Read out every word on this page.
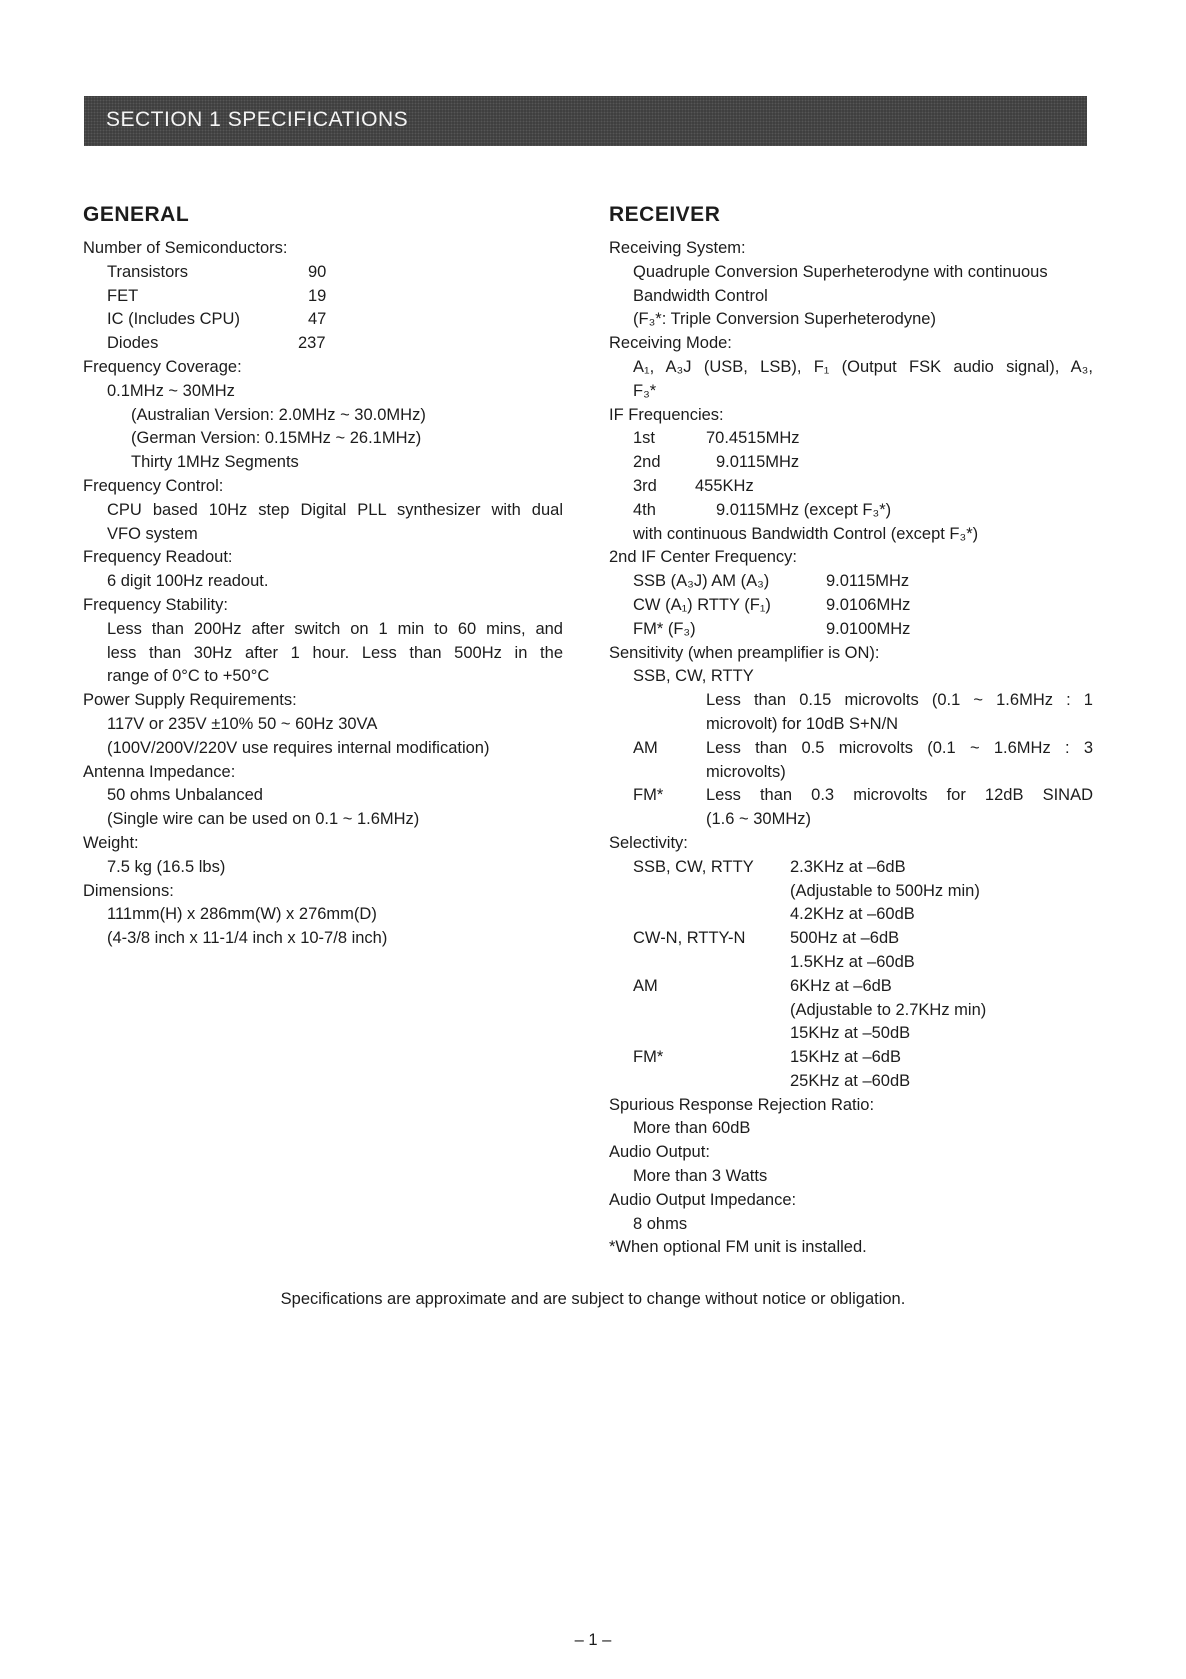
SECTION 1 SPECIFICATIONS
GENERAL
Number of Semiconductors:
Transistors	90
FET	19
IC (Includes CPU)	47
Diodes	237
Frequency Coverage:
0.1MHz ~ 30MHz
(Australian Version: 2.0MHz ~ 30.0MHz)
(German Version: 0.15MHz ~ 26.1MHz)
Thirty 1MHz Segments
Frequency Control:
CPU based 10Hz step Digital PLL synthesizer with dual
VFO system
Frequency Readout:
6 digit 100Hz readout.
Frequency Stability:
Less than 200Hz after switch on 1 min to 60 mins, and
less than 30Hz after 1 hour. Less than 500Hz in the
range of 0°C to +50°C
Power Supply Requirements:
117V or 235V ±10% 50 ~ 60Hz 30VA
(100V/200V/220V use requires internal modification)
Antenna Impedance:
50 ohms Unbalanced
(Single wire can be used on 0.1 ~ 1.6MHz)
Weight:
7.5 kg (16.5 lbs)
Dimensions:
111mm(H) x 286mm(W) x 276mm(D)
(4-3/8 inch x 11-1/4 inch x 10-7/8 inch)
RECEIVER
Receiving System:
Quadruple Conversion Superheterodyne with continuous
Bandwidth Control
(F₃*: Triple Conversion Superheterodyne)
Receiving Mode:
A₁, A₃J (USB, LSB), F₁ (Output FSK audio signal), A₃,
F₃*
IF Frequencies:
1st	70.4515MHz
2nd	9.0115MHz
3rd 455KHz
4th	9.0115MHz (except F₃*)
with continuous Bandwidth Control (except F₃*)
2nd IF Center Frequency:
SSB (A₃J) AM (A₃)	9.0115MHz
CW (A₁) RTTY (F₁)	9.0106MHz
FM* (F₃)	9.0100MHz
Sensitivity (when preamplifier is ON):
SSB, CW, RTTY
Less than 0.15 microvolts (0.1 ~ 1.6MHz : 1
microvolt) for 10dB S+N/N
AM	Less than 0.5 microvolts (0.1 ~ 1.6MHz : 3
microvolts)
FM*	Less than 0.3 microvolts for 12dB SINAD
(1.6 ~ 30MHz)
Selectivity:
SSB, CW, RTTY 2.3KHz at –6dB
(Adjustable to 500Hz min)
4.2KHz at –60dB
CW-N, RTTY-N	500Hz at –6dB
1.5KHz at –60dB
AM	6KHz at –6dB
(Adjustable to 2.7KHz min)
15KHz at –50dB
FM*	15KHz at –6dB
25KHz at –60dB
Spurious Response Rejection Ratio:
More than 60dB
Audio Output:
More than 3 Watts
Audio Output Impedance:
8 ohms
*When optional FM unit is installed.
Specifications are approximate and are subject to change without notice or obligation.
– 1 –
